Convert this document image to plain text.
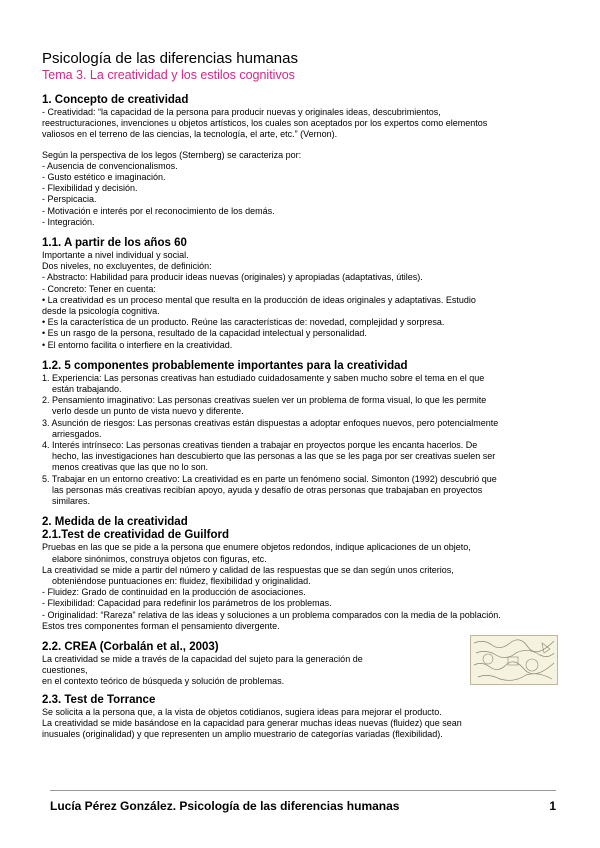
Psicología de las diferencias humanas
Tema 3. La creatividad y los estilos cognitivos
1. Concepto de creatividad

- Creatividad: “la capacidad de la persona para producir nuevas y originales ideas, descubrimientos,

reestructuraciones, invenciones u objetos artísticos, los cuales son aceptados por los expertos como elementos

valiosos en el terreno de las ciencias, la tecnología, el arte, etc.” (Vernon).

Según la perspectiva de los legos (Sternberg) se caracteriza por:

- Ausencia de convencionalismos.

- Gusto estético e imaginación.

- Flexibilidad y decisión.

- Perspicacia.

- Motivación e interés por el reconocimiento de los demás.

- Integración.

1.1. A partir de los años 60

Importante a nivel individual y social.

Dos niveles, no excluyentes, de definición:

- Abstracto: Habilidad para producir ideas nuevas (originales) y apropiadas (adaptativas, útiles).

- Concreto: Tener en cuenta:

• La creatividad es un proceso mental que resulta en la producción de ideas originales y adaptativas. Estudio

desde la psicología cognitiva.

• Es la característica de un producto. Reúne las características de: novedad, complejidad y sorpresa.

• Es un rasgo de la persona, resultado de la capacidad intelectual y personalidad.

• El entorno facilita o interfiere en la creatividad.

1.2. 5 componentes probablemente importantes para la creatividad

1. Experiencia: Las personas creativas han estudiado cuidadosamente y saben mucho sobre el tema en el que

están trabajando.

2. Pensamiento imaginativo: Las personas creativas suelen ver un problema de forma visual, lo que les permite

verlo desde un punto de vista nuevo y diferente.

3. Asunción de riesgos: Las personas creativas están dispuestas a adoptar enfoques nuevos, pero potencialmente

arriesgados.

4. Interés intrínseco: Las personas creativas tienden a trabajar en proyectos porque les encanta hacerlos. De

hecho, las investigaciones han descubierto que las personas a las que se les paga por ser creativas suelen ser

menos creativas que las que no lo son.

5. Trabajar en un entorno creativo: La creatividad es en parte un fenómeno social. Simonton (1992) descubrió que

las personas más creativas recibían apoyo, ayuda y desafío de otras personas que trabajaban en proyectos

similares.

2. Medida de la creatividad
2.1.Test de creatividad de Guilford

Pruebas en las que se pide a la persona que enumere objetos redondos, indique aplicaciones de un objeto,

elabore sinónimos, construya objetos con figuras, etc.

La creatividad se mide a partir del número y calidad de las respuestas que se dan según unos criterios,

obteniéndose puntuaciones en: fluidez, flexibilidad y originalidad.

- Fluidez: Grado de continuidad en la producción de asociaciones.

- Flexibilidad: Capacidad para redefinir los parámetros de los problemas.

- Originalidad: “Rareza” relativa de las ideas y soluciones a un problema comparados con la media de la población.

Estos tres componentes forman el pensamiento divergente.

2.2. CREA (Corbalán et al., 2003)

La creatividad se mide a través de la capacidad del sujeto para la generación de cuestiones,

en el contexto teórico de búsqueda y solución de problemas.

2.3. Test de Torrance

Se solicita a la persona que, a la vista de objetos cotidianos, sugiera ideas para mejorar el producto.

La creatividad se mide basándose en la capacidad para generar muchas ideas nuevas (fluidez) que sean

inusuales (originalidad) y que representen un amplio muestrario de categorías variadas (flexibilidad).

Lucía Pérez González. Psicología de las diferencias humanas	1
